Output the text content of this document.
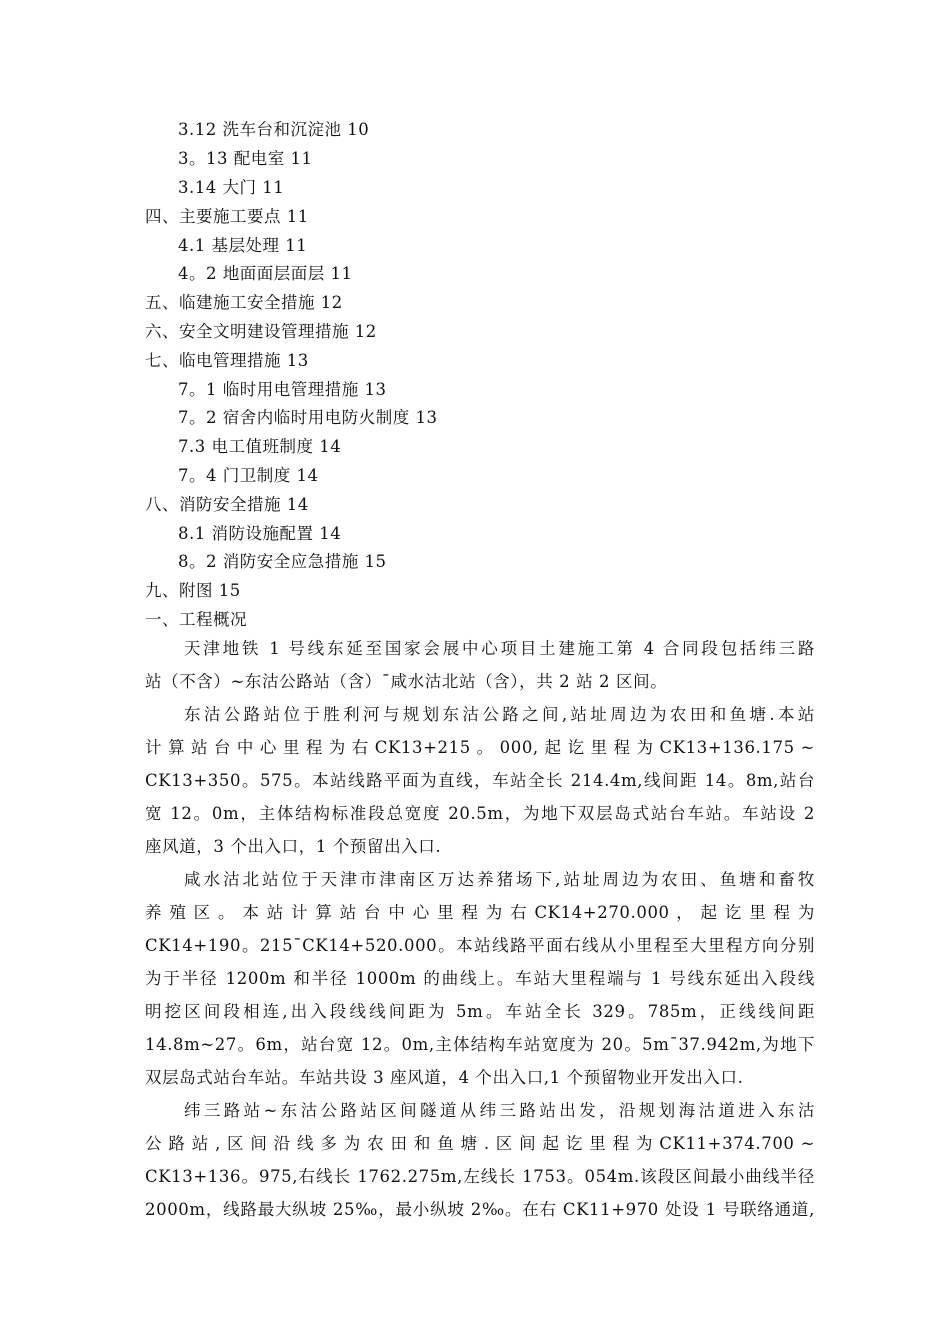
3.12 洗车台和沉淀池 10
3。13 配电室 11
3.14 大门 11
四、主要施工要点 11
4.1 基层处理 11
4。2 地面面层面层 11
五、临建施工安全措施 12
六、安全文明建设管理措施 12
七、临电管理措施 13
7。1 临时用电管理措施 13
7。2 宿舍内临时用电防火制度 13
7.3 电工值班制度 14
7。4 门卫制度 14
八、消防安全措施 14
8.1 消防设施配置 14
8。2 消防安全应急措施 15
九、附图 15
一、工程概况
天津地铁 1 号线东延至国家会展中心项目土建施工第 4 合同段包括纬三路
站（不含）~东沽公路站（含）¯咸水沽北站（含），共 2 站 2 区间。
东沽公路站位于胜利河与规划东沽公路之间,站址周边为农田和鱼塘.本站
计 算 站 台 中 心 里 程 为 右 CK13+215 。 000, 起 讫 里 程 为 CK13+136.175 ~
CK13+350。575。本站线路平面为直线，车站全长 214.4m,线间距 14。8m,站台
宽 12。0m，主体结构标准段总宽度 20.5m，为地下双层岛式站台车站。车站设 2
座风道，3 个出入口，1 个预留出入口.
咸水沽北站位于天津市津南区万达养猪场下,站址周边为农田、鱼塘和畜牧
养 殖 区 。 本 站 计 算 站 台 中 心 里 程 为 右 CK14+270.000 ， 起 讫 里 程 为
CK14+190。215¯CK14+520.000。本站线路平面右线从小里程至大里程方向分别
为于半径 1200m 和半径 1000m 的曲线上。车站大里程端与 1 号线东延出入段线
明挖区间段相连,出入段线线间距为 5m。车站全长 329。785m，正线线间距
14.8m~27。6m，站台宽 12。0m,主体结构车站宽度为 20。5m¯37.942m,为地下
双层岛式站台车站。车站共设 3 座风道，4 个出入口,1 个预留物业开发出入口.
纬三路站~东沽公路站区间隧道从纬三路站出发，沿规划海沽道进入东沽
公 路 站 , 区 间 沿 线 多 为 农 田 和 鱼 塘 . 区 间 起 讫 里 程 为 CK11+374.700 ~
CK13+136。975,右线长 1762.275m,左线长 1753。054m.该段区间最小曲线半径
2000m，线路最大纵坡 25‰，最小纵坡 2‰。在右 CK11+970 处设 1 号联络通道,
